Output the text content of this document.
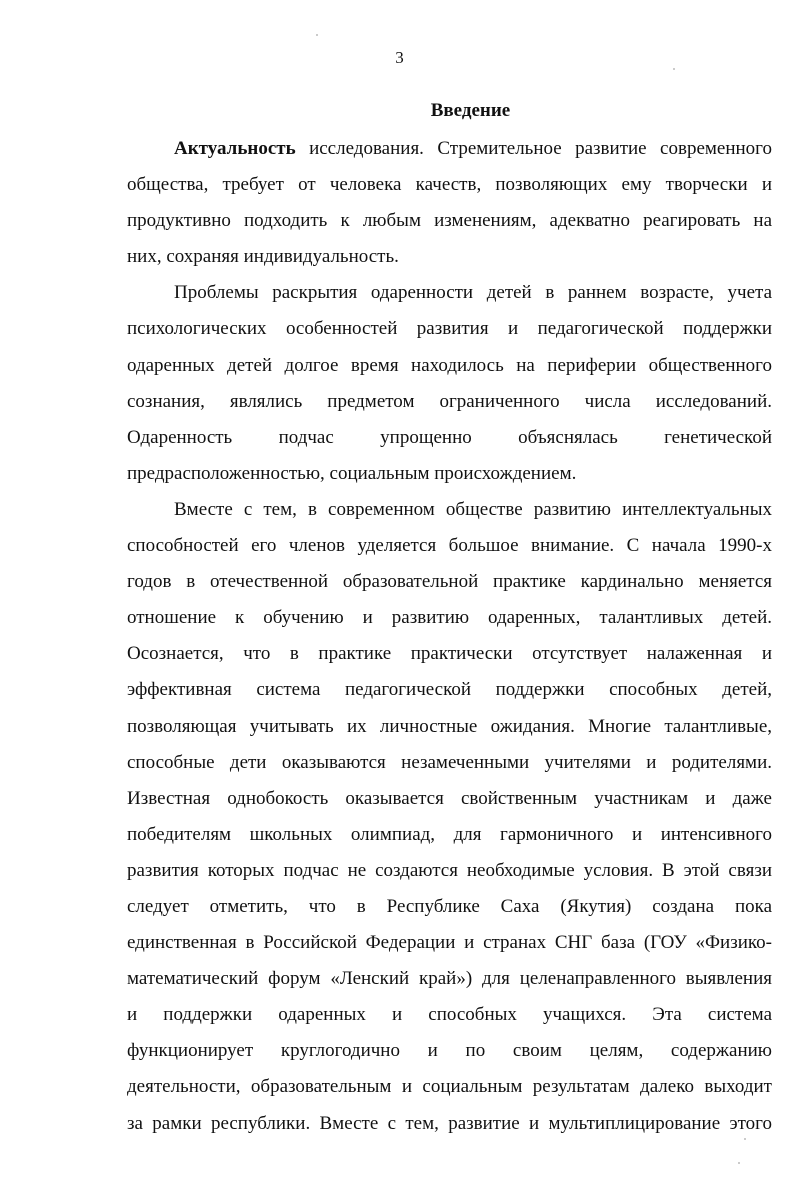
3
Введение
Актуальность исследования. Стремительное развитие современного
общества, требует от человека качеств, позволяющих ему творчески и
продуктивно подходить к любым изменениям, адекватно реагировать на
них, сохраняя индивидуальность.
Проблемы раскрытия одаренности детей в раннем возрасте, учета
психологических особенностей развития и педагогической поддержки
одаренных детей долгое время находилось на периферии общественного
сознания, являлись предметом ограниченного числа исследований.
Одаренность подчас упрощенно объяснялась генетической
предрасположенностью, социальным происхождением.
Вместе с тем, в современном обществе развитию интеллектуальных
способностей его членов уделяется большое внимание. С начала 1990-х
годов в отечественной образовательной практике кардинально меняется
отношение к обучению и развитию одаренных, талантливых детей.
Осознается, что в практике практически отсутствует налаженная и
эффективная система педагогической поддержки способных детей,
позволяющая учитывать их личностные ожидания. Многие талантливые,
способные дети оказываются незамеченными учителями и родителями.
Известная однобокость оказывается свойственным участникам и даже
победителям школьных олимпиад, для гармоничного и интенсивного
развития которых подчас не создаются необходимые условия. В этой связи
следует отметить, что в Республике Саха (Якутия) создана пока
единственная в Российской Федерации и странах СНГ база (ГОУ «Физико-
математический форум «Ленский край») для целенаправленного выявления
и поддержки одаренных и способных учащихся. Эта система
функционирует круглогодично и по своим целям, содержанию
деятельности, образовательным и социальным результатам далеко выходит
за рамки республики. Вместе с тем, развитие и мультиплицирование этого
